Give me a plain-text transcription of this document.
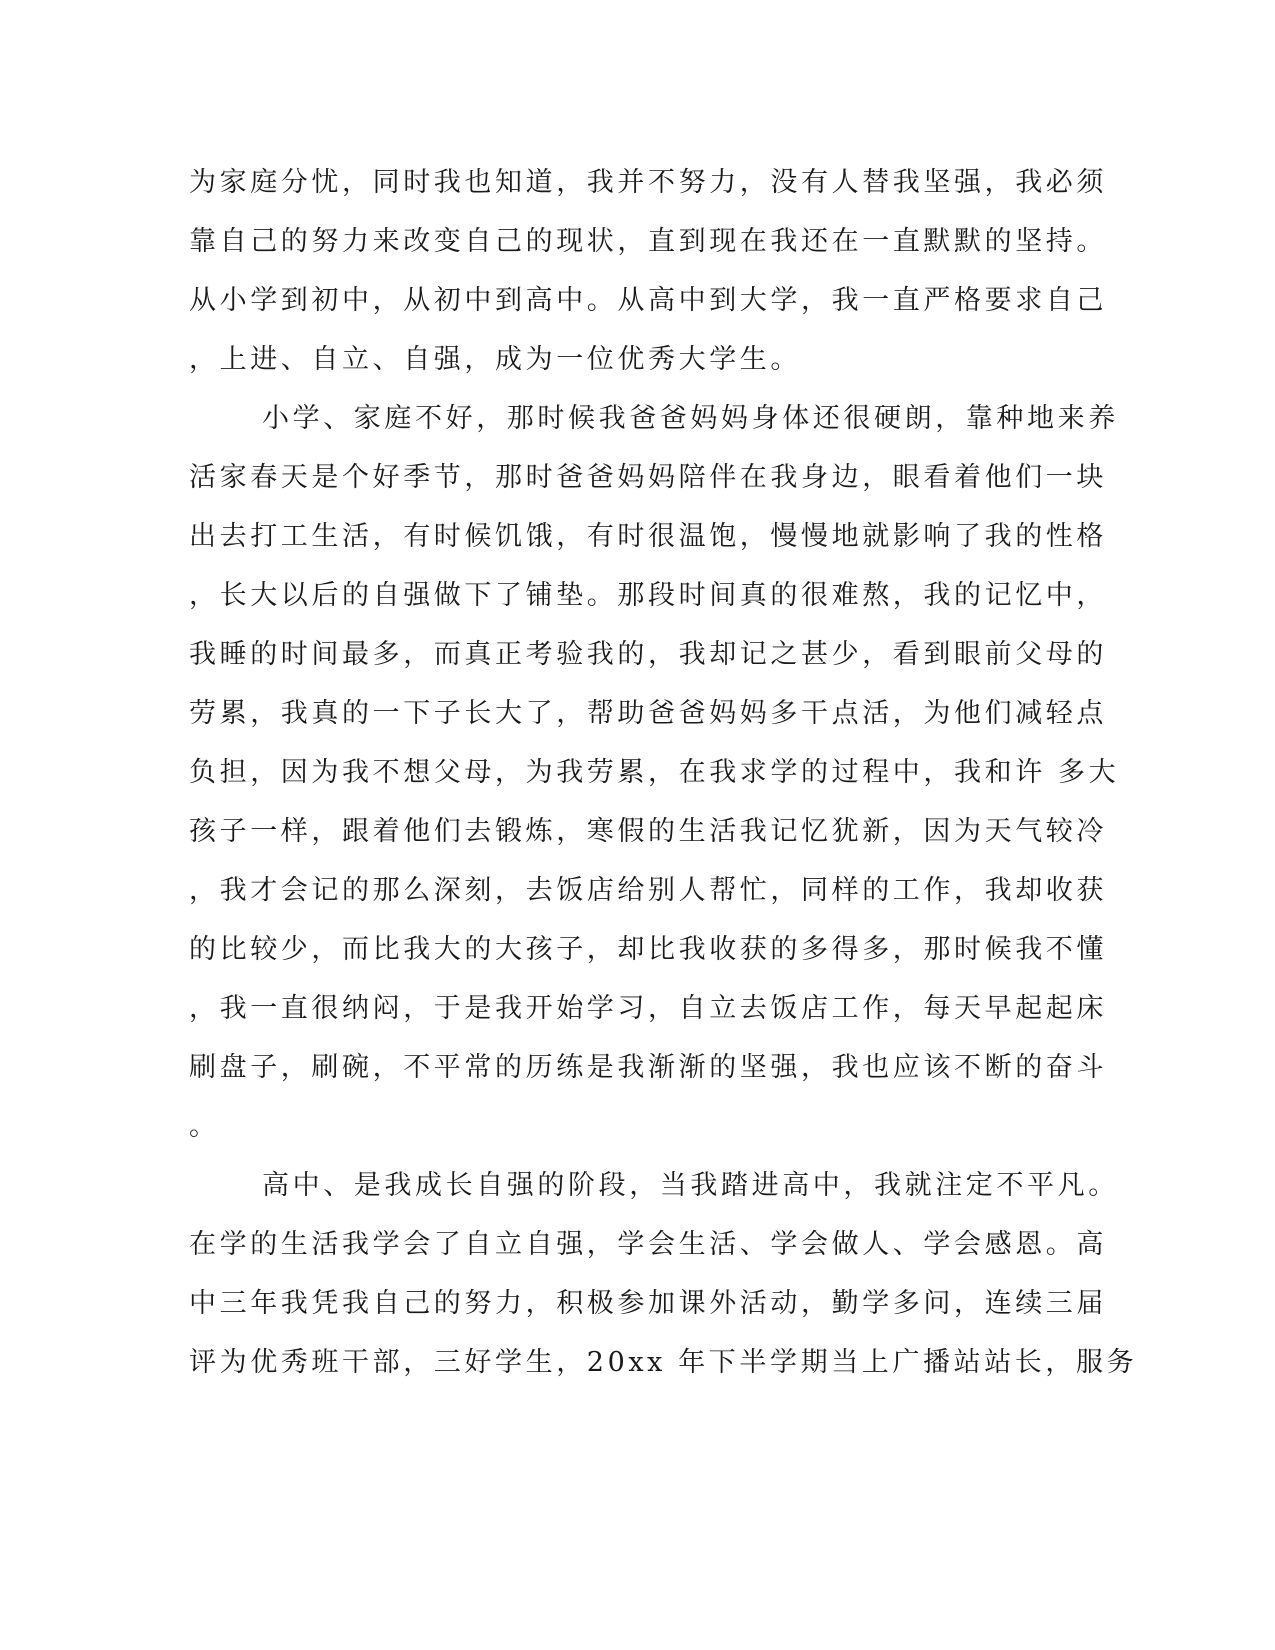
为家庭分忧，同时我也知道，我并不努力，没有人替我坚强，我必须
靠自己的努力来改变自己的现状，直到现在我还在一直默默的坚持。
从小学到初中，从初中到高中。从高中到大学，我一直严格要求自己
，上进、自立、自强，成为一位优秀大学生。
小学、家庭不好，那时候我爸爸妈妈身体还很硬朗，靠种地来养
活家春天是个好季节，那时爸爸妈妈陪伴在我身边，眼看着他们一块
出去打工生活，有时候饥饿，有时很温饱，慢慢地就影响了我的性格
，长大以后的自强做下了铺垫。那段时间真的很难熬，我的记忆中，
我睡的时间最多，而真正考验我的，我却记之甚少，看到眼前父母的
劳累，我真的一下子长大了，帮助爸爸妈妈多干点活，为他们减轻点
负担，因为我不想父母，为我劳累，在我求学的过程中，我和许 多大
孩子一样，跟着他们去锻炼，寒假的生活我记忆犹新，因为天气较冷
，我才会记的那么深刻，去饭店给别人帮忙，同样的工作，我却收获
的比较少，而比我大的大孩子，却比我收获的多得多，那时候我不懂
，我一直很纳闷，于是我开始学习，自立去饭店工作，每天早起起床
刷盘子，刷碗，不平常的历练是我渐渐的坚强，我也应该不断的奋斗
。
高中、是我成长自强的阶段，当我踏进高中，我就注定不平凡。
在学的生活我学会了自立自强，学会生活、学会做人、学会感恩。高
中三年我凭我自己的努力，积极参加课外活动，勤学多问，连续三届
评为优秀班干部，三好学生，20xx 年下半学期当上广播站站长，服务
